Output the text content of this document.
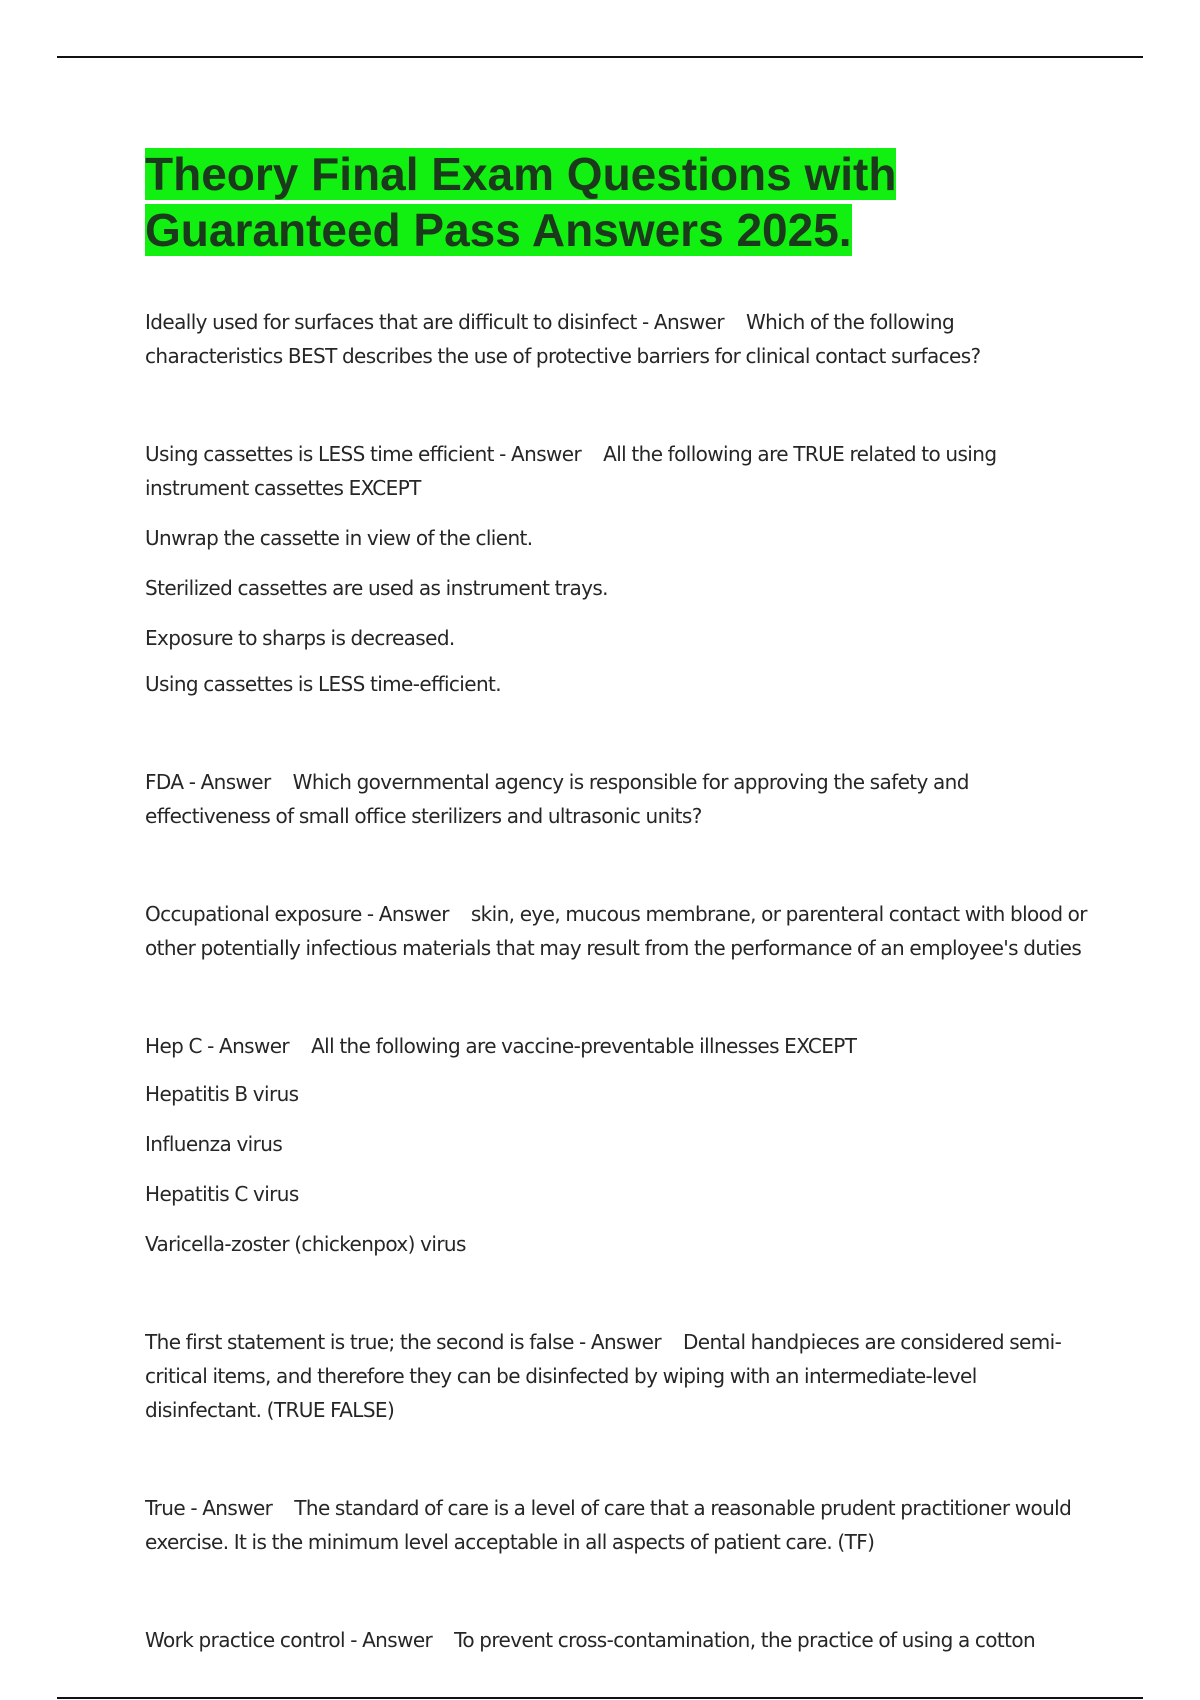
Theory Final Exam Questions with Guaranteed Pass Answers 2025.

Ideally used for surfaces that are difficult to disinfect - Answer Which of the following characteristics BEST describes the use of protective barriers for clinical contact surfaces?

Using cassettes is LESS time efficient - Answer All the following are TRUE related to using instrument cassettes EXCEPT

Unwrap the cassette in view of the client.

Sterilized cassettes are used as instrument trays.

Exposure to sharps is decreased.

Using cassettes is LESS time-efficient.

FDA - Answer Which governmental agency is responsible for approving the safety and effectiveness of small office sterilizers and ultrasonic units?

Occupational exposure - Answer skin, eye, mucous membrane, or parenteral contact with blood or other potentially infectious materials that may result from the performance of an employee's duties

Hep C - Answer All the following are vaccine-preventable illnesses EXCEPT

Hepatitis B virus

Influenza virus

Hepatitis C virus

Varicella-zoster (chickenpox) virus

The first statement is true; the second is false - Answer Dental handpieces are considered semi-critical items, and therefore they can be disinfected by wiping with an intermediate-level disinfectant. (TRUE FALSE)

True - Answer The standard of care is a level of care that a reasonable prudent practitioner would exercise. It is the minimum level acceptable in all aspects of patient care. (TF)

Work practice control - Answer To prevent cross-contamination, the practice of using a cotton
